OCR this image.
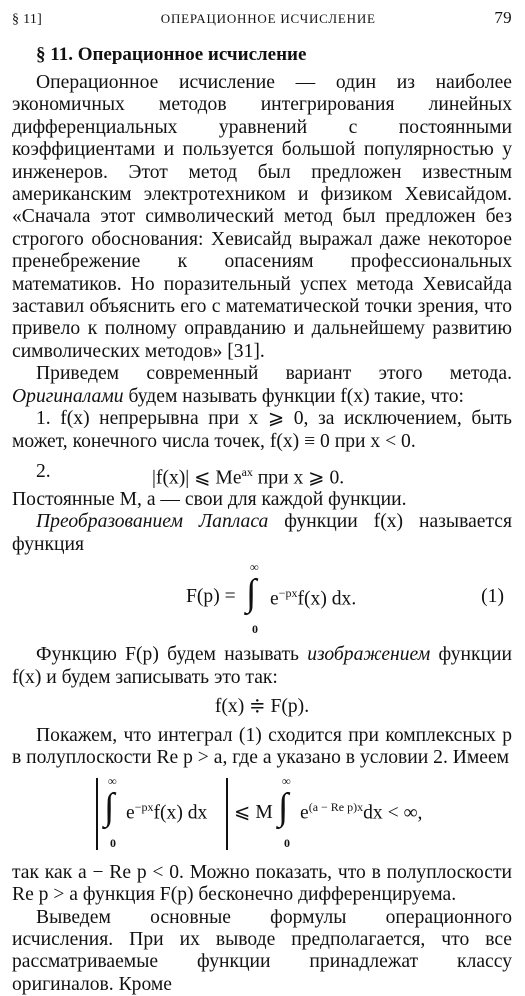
§ 11]	ОПЕРАЦИОННОЕ ИСЧИСЛЕНИЕ	79
§ 11. Операционное исчисление

Операционное исчисление — один из наиболее экономичных методов интегрирования линейных дифференциальных уравнений с постоянными коэффициентами и пользуется большой популярностью у инженеров. Этот метод был предложен известным американским электротехником и физиком Хевисайдом. «Сначала этот символический метод был предложен без строгого обоснования: Хевисайд выражал даже некоторое пренебрежение к опасениям профессиональных математиков. Но поразительный успех метода Хевисайда заставил объяснить его с математической точки зрения, что привело к полному оправданию и дальнейшему развитию символических методов» [31].

Приведем современный вариант этого метода. Оригиналами будем называть функции f(x) такие, что:

1. f(x) непрерывна при x ⩾ 0, за исключением, быть может, конечного числа точек, f(x) ≡ 0 при x < 0.

2.	|f(x)| ⩽ $Me^{ax}$ при x ⩾ 0.

Постоянные M, a — свои для каждой функции.

Преобразованием Лапласа функции f(x) называется функция

F(p) =
∞
∫
0
$e^{-px}f(x)$ dx.	(1)

Функцию F(p) будем называть изображением функции f(x) и будем записывать это так:

f(x) ≑ F(p).

Покажем, что интеграл (1) сходится при комплексных p в полуплоскости Re p > a, где a указано в условии 2. Имеем

∞
∫
0
$e^{-px}f(x)$ dx ⩽ M
∞
∫
0
$e^{(a - Re p)x}dx$ < ∞,

так как a − Re p < 0. Можно показать, что в полуплоскости Re p > a функция F(p) бесконечно дифференцируема.

Выведем основные формулы операционного исчисления. При их выводе предполагается, что все рассматриваемые функции принадлежат классу оригиналов. Кроме
